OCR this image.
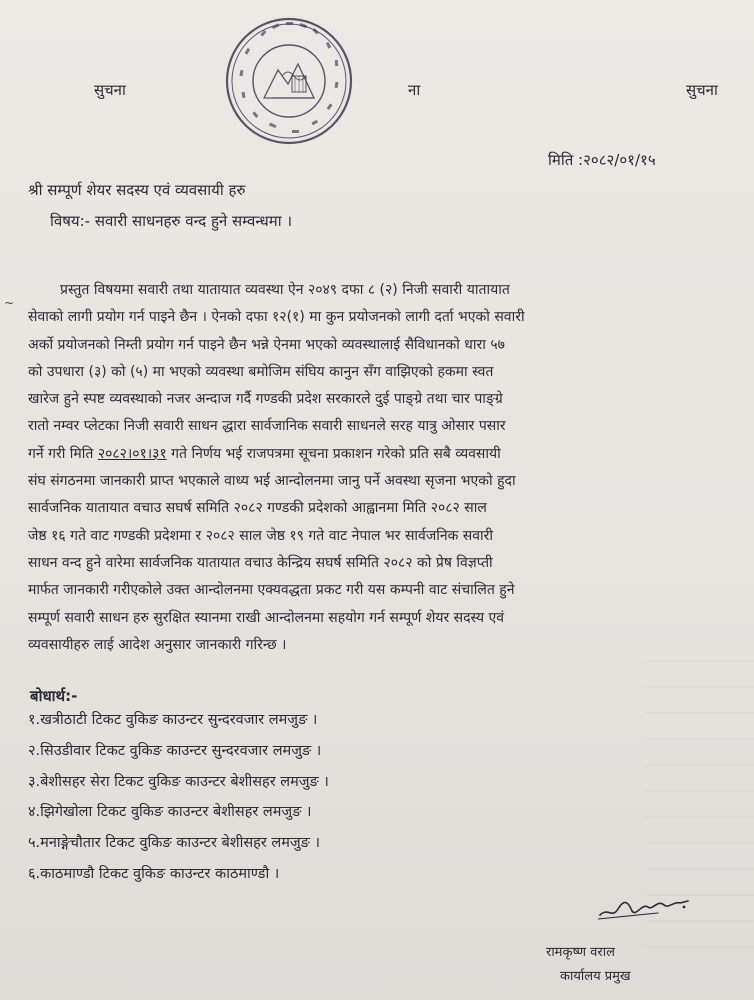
सुचना	ना	सुचना

मिति :२०८२/०१/१५

श्री सम्पूर्ण शेयर सदस्य एवं व्यवसायी हरु

विषय:- सवारी साधनहरु वन्द हुने सम्वन्धमा ।

~
प्रस्तुत विषयमा सवारी तथा यातायात व्यवस्था ऐन २०४९ दफा ८ (२) निजी सवारी यातायात
सेवाको लागी प्रयोग गर्न पाइने छैन । ऐनको दफा १२(१) मा कुन प्रयोजनको लागी दर्ता भएको सवारी
अर्को प्रयोजनको निम्ती प्रयोग गर्न पाइने छैन भन्ने ऐनमा भएको व्यवस्थालाई सैविधानको धारा ५७
को उपधारा (३) को (५) मा भएको व्यवस्था बमोजिम संघिय कानुन सँग वाझिएको हकमा स्वत
खारेज हुने स्पष्ट व्यवस्थाको नजर अन्दाज गर्दै गण्डकी प्रदेश सरकारले दुई पाङ्ग्रे तथा चार पाङ्ग्रे
रातो नम्वर प्लेटका निजी सवारी साधन द्धारा सार्वजानिक सवारी साधनले सरह यात्रु ओसार पसार
गर्ने गरी मिति २०८२।०१।३१ गते निर्णय भई राजपत्रमा सूचना प्रकाशन गरेको प्रति सबै व्यवसायी
संघ संगठनमा जानकारी प्राप्त भएकाले वाध्य भई आन्दोलनमा जानु पर्ने अवस्था सृजना भएको हुदा
सार्वजनिक यातायात वचाउ सघर्ष समिति २०८२ गण्डकी प्रदेशको आह्वानमा मिति २०८२ साल
जेष्ठ १६ गते वाट गण्डकी प्रदेशमा र २०८२ साल जेष्ठ १९ गते वाट नेपाल भर सार्वजनिक सवारी
साधन वन्द हुने वारेमा सार्वजनिक यातायात वचाउ केन्द्रिय सघर्ष समिति २०८२ को प्रेष विज्ञप्ती
मार्फत जानकारी गरीएकोले उक्त आन्दोलनमा एक्यवद्धता प्रकट गरी यस कम्पनी वाट संचालित हुने
सम्पूर्ण सवारी साधन हरु सुरक्षित स्यानमा राखी आन्दोलनमा सहयोग गर्न सम्पूर्ण शेयर सदस्य एवं
व्यवसायीहरु लाई आदेश अनुसार जानकारी गरिन्छ ।

बोधार्थ:-

१.खत्रीठाटी टिकट वुकिङ काउन्टर सुन्दरवजार लमजुङ ।
२.सिउडीवार टिकट वुकिङ काउन्टर सुन्दरवजार लमजुङ ।
३.बेशीसहर सेरा टिकट वुकिङ काउन्टर बेशीसहर लमजुङ ।
४.झिगेखोला टिकट वुकिङ काउन्टर बेशीसहर लमजुङ ।
५.मनाङ्गेचौतार टिकट वुकिङ काउन्टर बेशीसहर लमजुङ ।
६.काठमाण्डौ टिकट वुकिङ काउन्टर काठमाण्डौ ।

रामकृष्ण वराल

कार्यालय प्रमुख
